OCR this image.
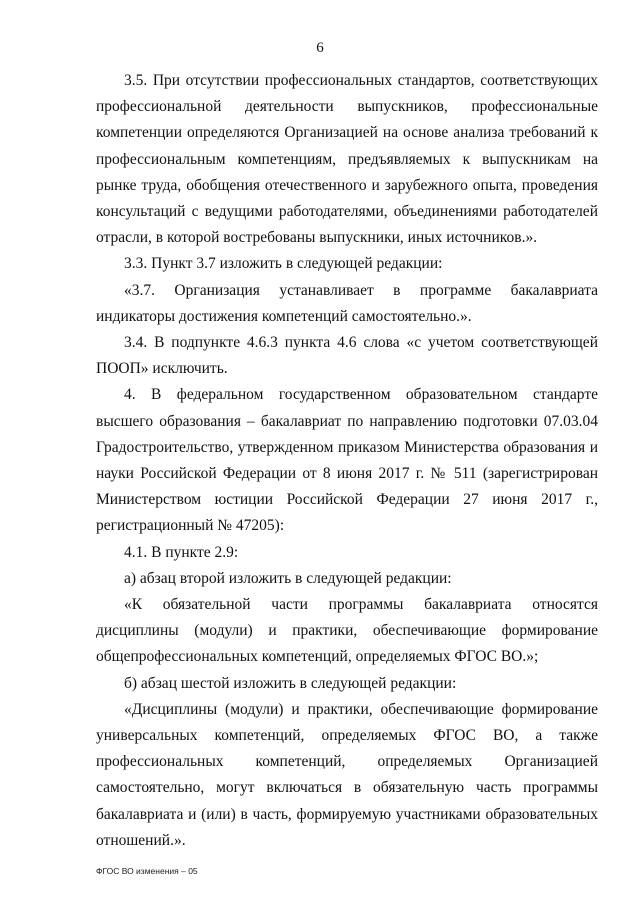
6

3.5. При отсутствии профессиональных стандартов, соответствующих профессиональной деятельности выпускников, профессиональные компетенции определяются Организацией на основе анализа требований к профессиональным компетенциям, предъявляемых к выпускникам на рынке труда, обобщения отечественного и зарубежного опыта, проведения консультаций с ведущими работодателями, объединениями работодателей отрасли, в которой востребованы выпускники, иных источников.».

3.3. Пункт 3.7 изложить в следующей редакции:

«3.7. Организация устанавливает в программе бакалавриата индикаторы достижения компетенций самостоятельно.».

3.4. В подпункте 4.6.3 пункта 4.6 слова «с учетом соответствующей ПООП» исключить.

4. В федеральном государственном образовательном стандарте высшего образования – бакалавриат по направлению подготовки 07.03.04 Градостроительство, утвержденном приказом Министерства образования и науки Российской Федерации от 8 июня 2017 г. № 511 (зарегистрирован Министерством юстиции Российской Федерации 27 июня 2017 г., регистрационный № 47205):

4.1. В пункте 2.9:

а) абзац второй изложить в следующей редакции:

«К обязательной части программы бакалавриата относятся дисциплины (модули) и практики, обеспечивающие формирование общепрофессиональных компетенций, определяемых ФГОС ВО.»;

б) абзац шестой изложить в следующей редакции:

«Дисциплины (модули) и практики, обеспечивающие формирование универсальных компетенций, определяемых ФГОС ВО, а также профессиональных компетенций, определяемых Организацией самостоятельно, могут включаться в обязательную часть программы бакалавриата и (или) в часть, формируемую участниками образовательных отношений.».

ФГОС ВО изменения – 05
